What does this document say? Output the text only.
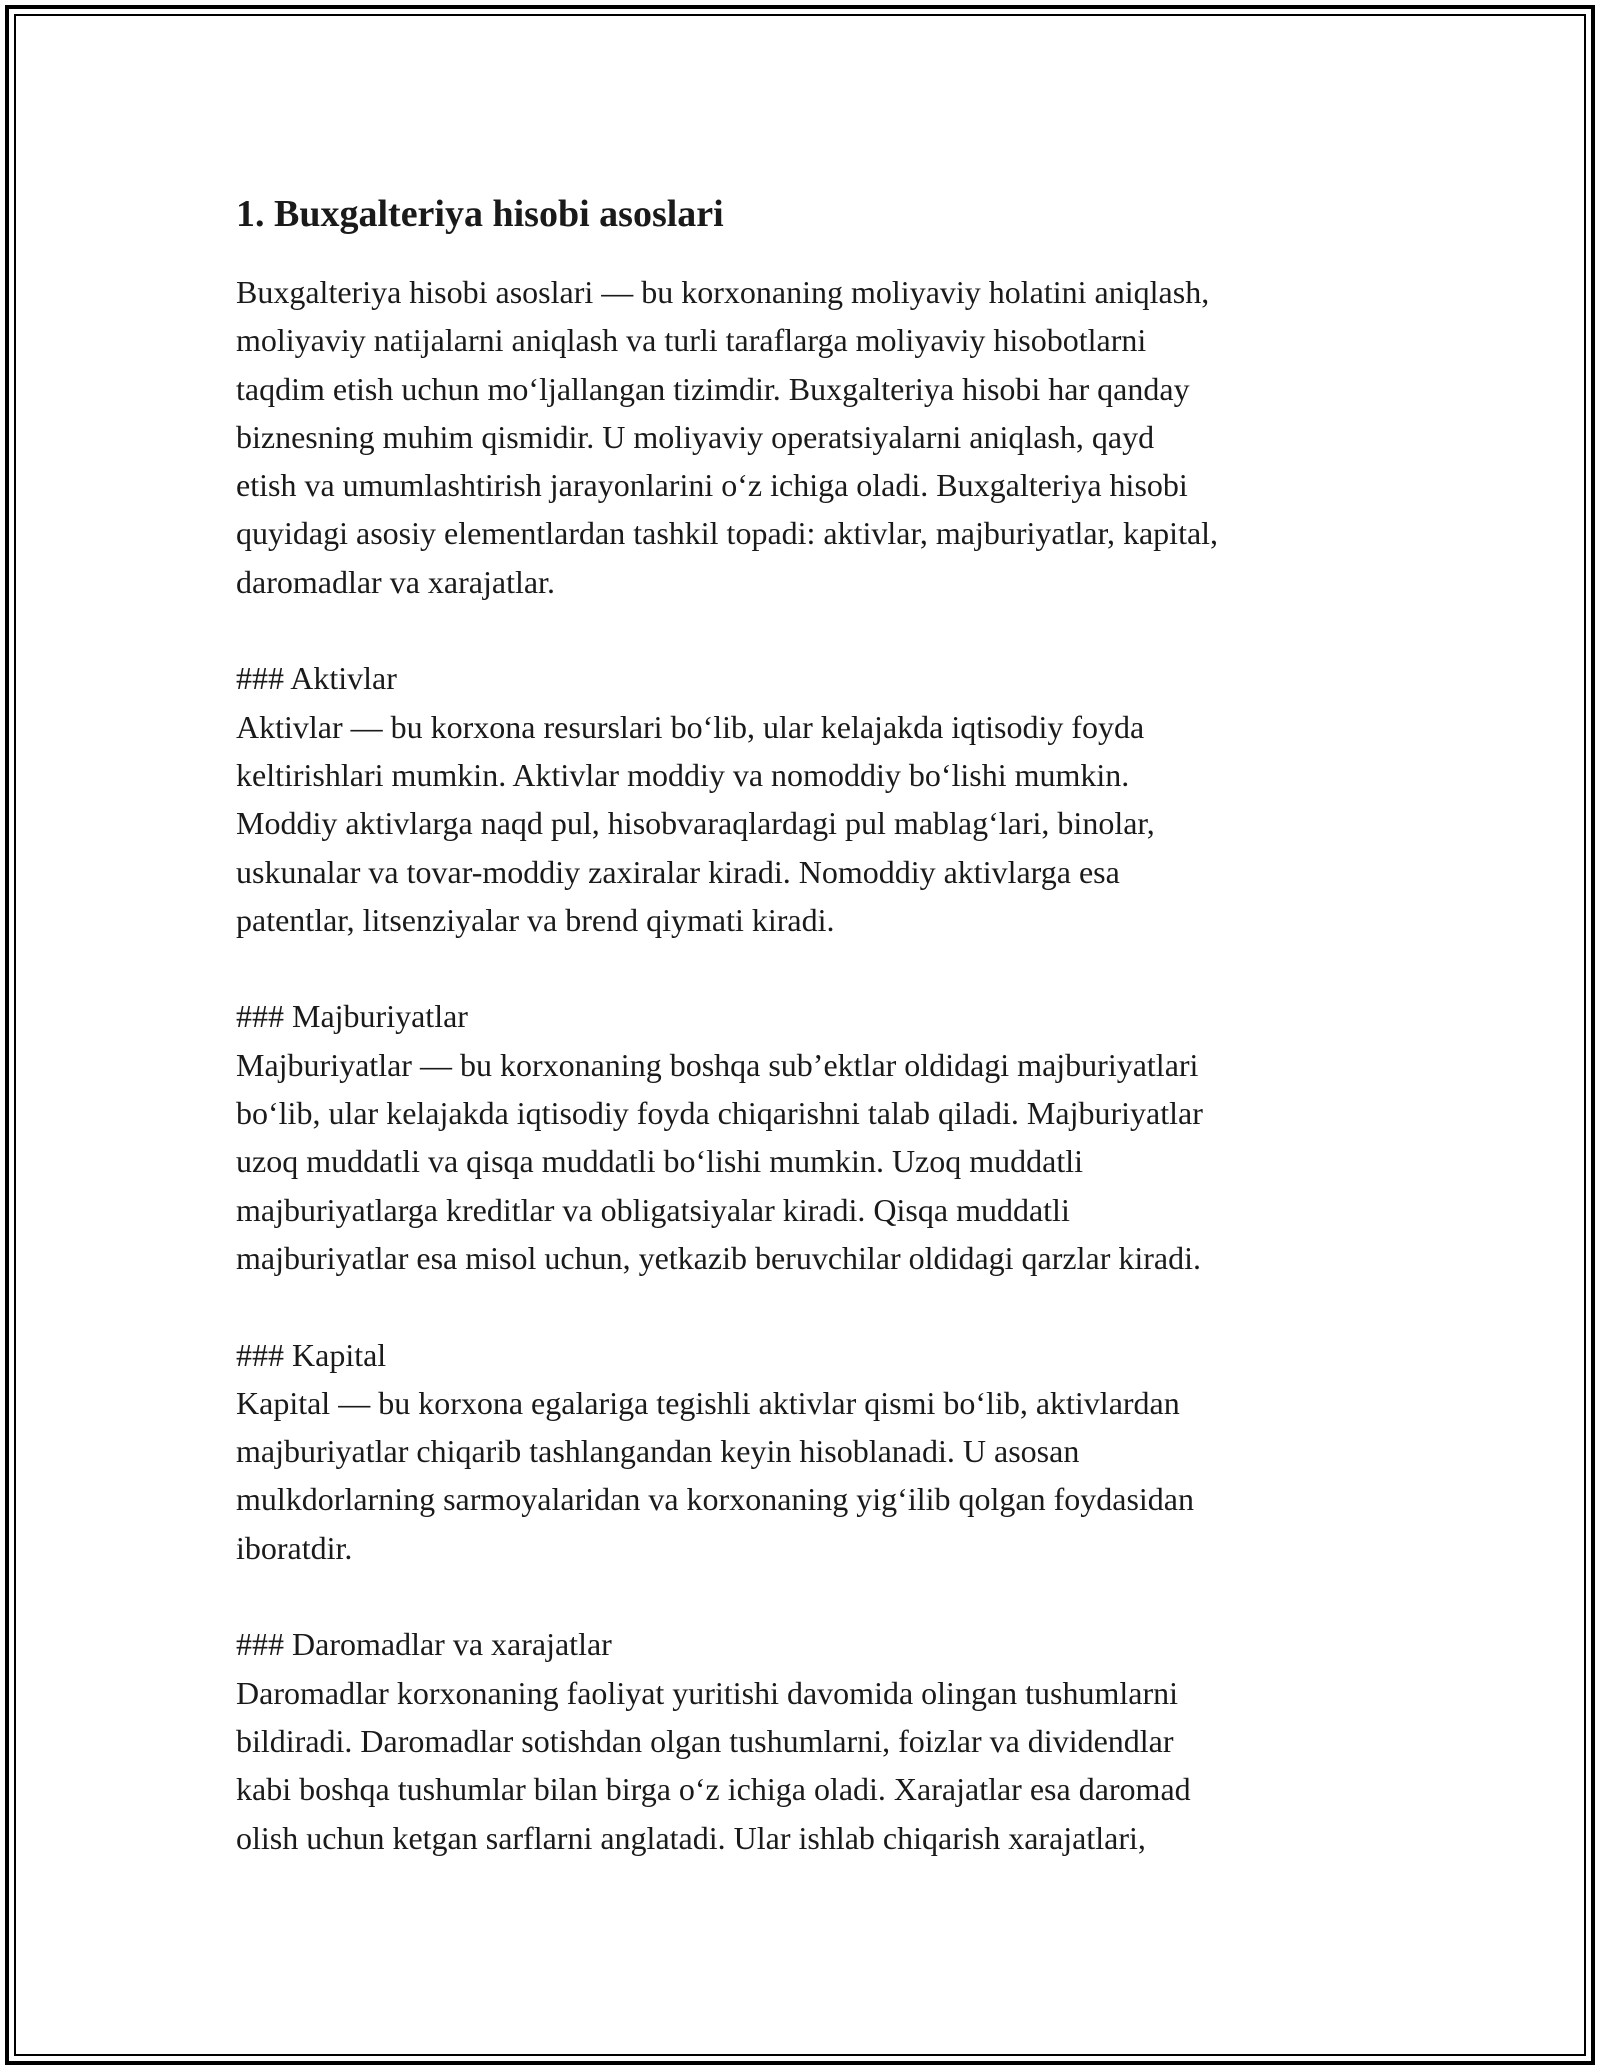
1. Buxgalteriya hisobi asoslari

Buxgalteriya hisobi asoslari — bu korxonaning moliyaviy holatini aniqlash,
moliyaviy natijalarni aniqlash va turli taraflarga moliyaviy hisobotlarni
taqdim etish uchun moʻljallangan tizimdir. Buxgalteriya hisobi har qanday
biznesning muhim qismidir. U moliyaviy operatsiyalarni aniqlash, qayd
etish va umumlashtirish jarayonlarini oʻz ichiga oladi. Buxgalteriya hisobi
quyidagi asosiy elementlardan tashkil topadi: aktivlar, majburiyatlar, kapital,
daromadlar va xarajatlar.

### Aktivlar

Aktivlar — bu korxona resurslari boʻlib, ular kelajakda iqtisodiy foyda
keltirishlari mumkin. Aktivlar moddiy va nomoddiy boʻlishi mumkin.
Moddiy aktivlarga naqd pul, hisobvaraqlardagi pul mablagʻlari, binolar,
uskunalar va tovar-moddiy zaxiralar kiradi. Nomoddiy aktivlarga esa
patentlar, litsenziyalar va brend qiymati kiradi.

### Majburiyatlar

Majburiyatlar — bu korxonaning boshqa sub’ektlar oldidagi majburiyatlari
boʻlib, ular kelajakda iqtisodiy foyda chiqarishni talab qiladi. Majburiyatlar
uzoq muddatli va qisqa muddatli boʻlishi mumkin. Uzoq muddatli
majburiyatlarga kreditlar va obligatsiyalar kiradi. Qisqa muddatli
majburiyatlar esa misol uchun, yetkazib beruvchilar oldidagi qarzlar kiradi.

### Kapital

Kapital — bu korxona egalariga tegishli aktivlar qismi boʻlib, aktivlardan
majburiyatlar chiqarib tashlangandan keyin hisoblanadi. U asosan
mulkdorlarning sarmoyalaridan va korxonaning yigʻilib qolgan foydasidan
iboratdir.

### Daromadlar va xarajatlar

Daromadlar korxonaning faoliyat yuritishi davomida olingan tushumlarni
bildiradi. Daromadlar sotishdan olgan tushumlarni, foizlar va dividendlar
kabi boshqa tushumlar bilan birga oʻz ichiga oladi. Xarajatlar esa daromad
olish uchun ketgan sarflarni anglatadi. Ular ishlab chiqarish xarajatlari,
